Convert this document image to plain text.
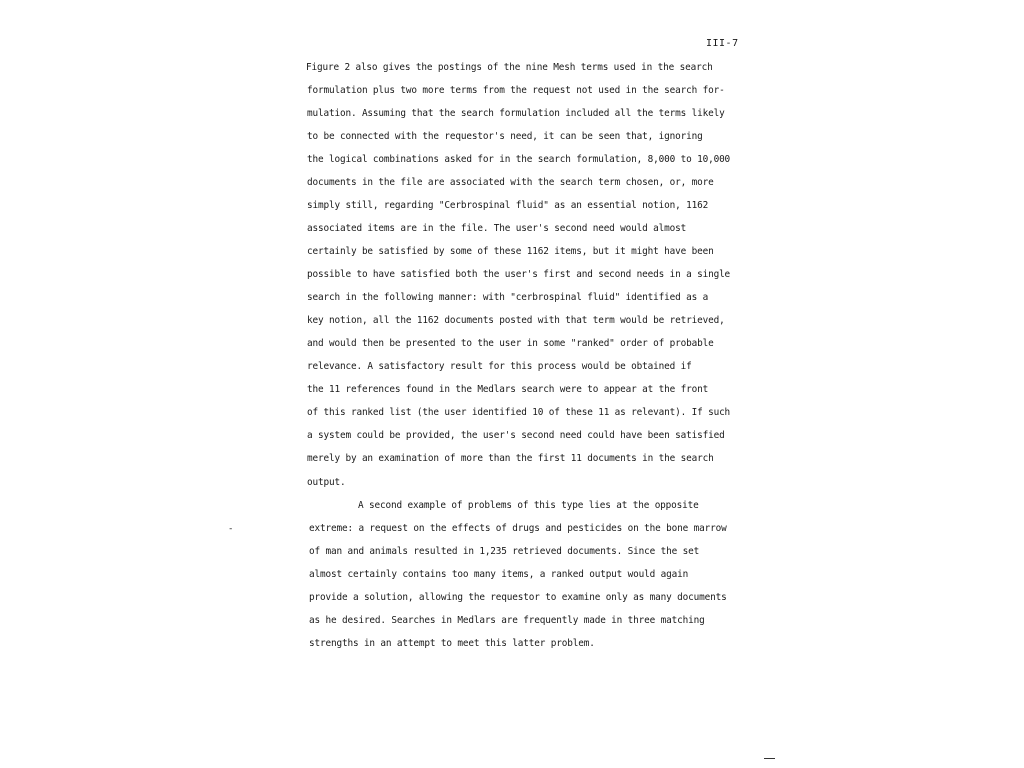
III-7
Figure 2 also gives the postings of the nine Mesh terms used in the search
formulation plus two more terms from the request not used in the search for-
mulation. Assuming that the search formulation included all the terms likely
to be connected with the requestor's need, it can be seen that, ignoring
the logical combinations asked for in the search formulation, 8,000 to 10,000
documents in the file are associated with the search term chosen, or, more
simply still, regarding "Cerbrospinal fluid" as an essential notion, 1162
associated items are in the file. The user's second need would almost
certainly be satisfied by some of these 1162 items, but it might have been
possible to have satisfied both the user's first and second needs in a single
search in the following manner: with "cerbrospinal fluid" identified as a
key notion, all the 1162 documents posted with that term would be retrieved,
and would then be presented to the user in some "ranked" order of probable
relevance. A satisfactory result for this process would be obtained if
the 11 references found in the Medlars search were to appear at the front
of this ranked list (the user identified 10 of these 11 as relevant). If such
a system could be provided, the user's second need could have been satisfied
merely by an examination of more than the first 11 documents in the search
output.
A second example of problems of this type lies at the opposite
extreme: a request on the effects of drugs and pesticides on the bone marrow
of man and animals resulted in 1,235 retrieved documents. Since the set
almost certainly contains too many items, a ranked output would again
provide a solution, allowing the requestor to examine only as many documents
as he desired. Searches in Medlars are frequently made in three matching
strengths in an attempt to meet this latter problem.
-
